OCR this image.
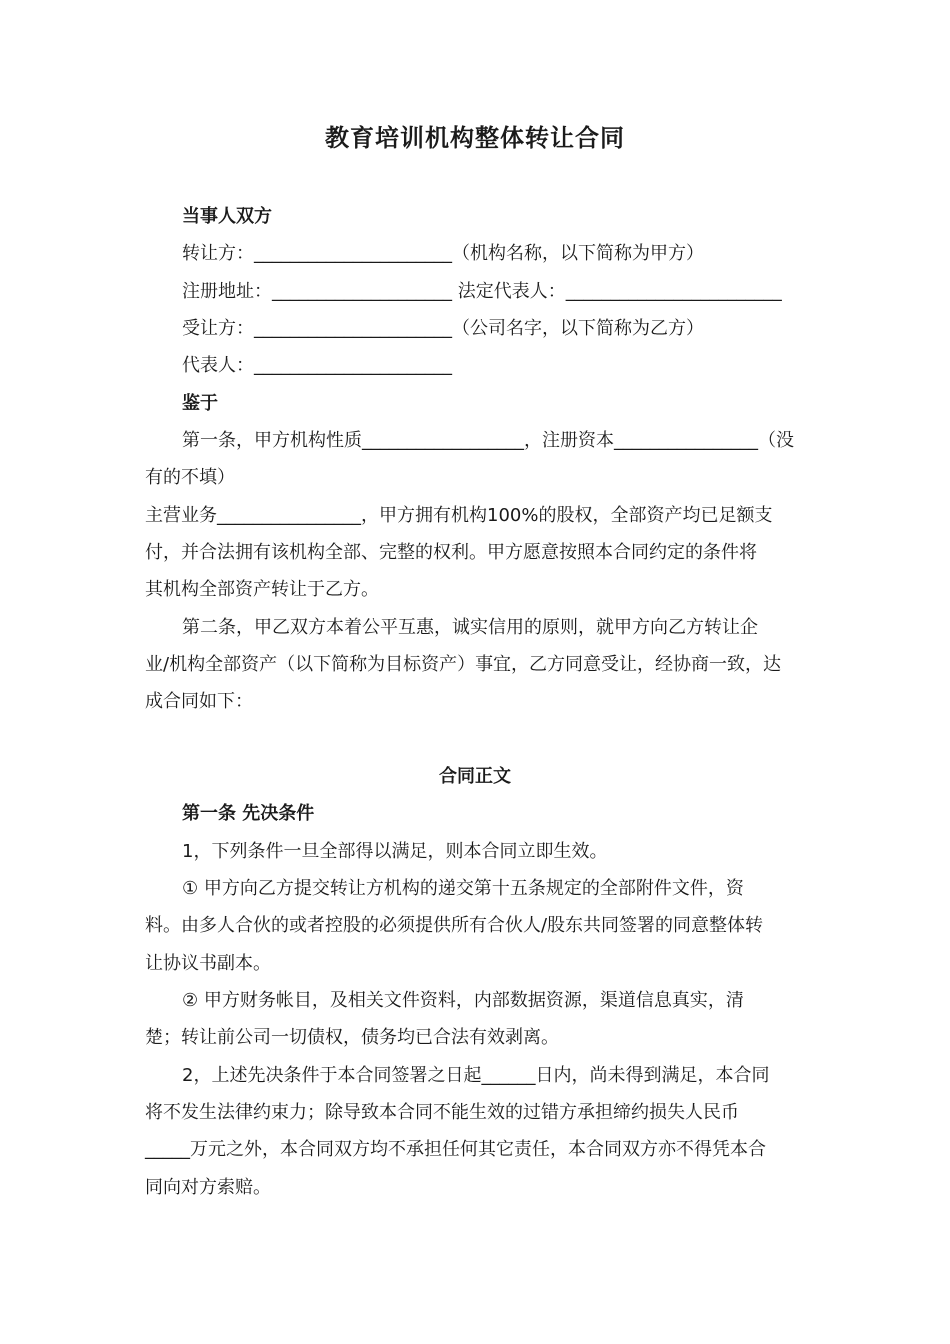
教育培训机构整体转让合同
当事人双方
转让方：______________________（机构名称，以下简称为甲方）
注册地址：____________________ 法定代表人：________________________
受让方：______________________（公司名字，以下简称为乙方）
代表人：______________________
鉴于
第一条，甲方机构性质__________________，注册资本________________（没
有的不填）
主营业务________________，甲方拥有机构100%的股权，全部资产均已足额支
付，并合法拥有该机构全部、完整的权利。甲方愿意按照本合同约定的条件将
其机构全部资产转让于乙方。
第二条，甲乙双方本着公平互惠，诚实信用的原则，就甲方向乙方转让企
业/机构全部资产（以下简称为目标资产）事宜，乙方同意受让，经协商一致，达
成合同如下：
合同正文
第一条 先决条件
1，下列条件一旦全部得以满足，则本合同立即生效。
① 甲方向乙方提交转让方机构的递交第十五条规定的全部附件文件，资
料。由多人合伙的或者控股的必须提供所有合伙人/股东共同签署的同意整体转
让协议书副本。
② 甲方财务帐目，及相关文件资料，内部数据资源，渠道信息真实，清
楚；转让前公司一切债权，债务均已合法有效剥离。
2，上述先决条件于本合同签署之日起______日内，尚未得到满足，本合同
将不发生法律约束力；除导致本合同不能生效的过错方承担缔约损失人民币
_____万元之外，本合同双方均不承担任何其它责任，本合同双方亦不得凭本合
同向对方索赔。
